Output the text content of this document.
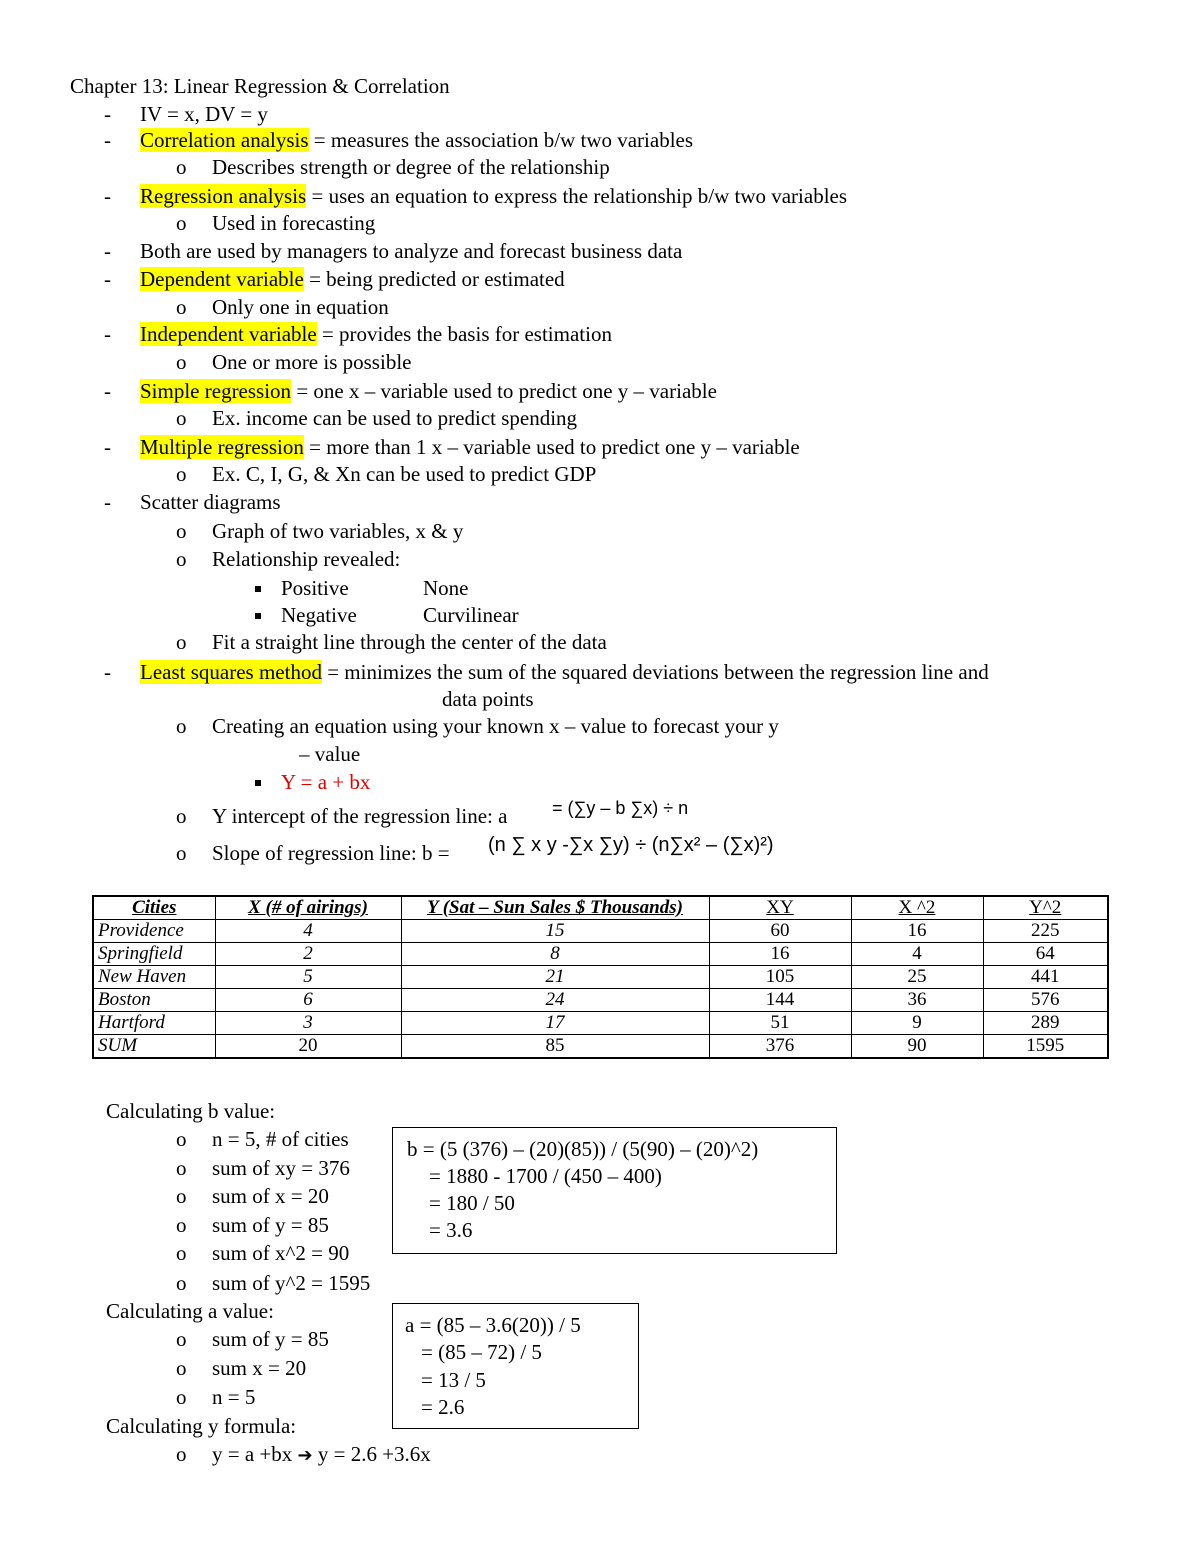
Chapter 13: Linear Regression & Correlation
- IV = x, DV = y
- Correlation analysis = measures the association b/w two variables
o Describes strength or degree of the relationship
- Regression analysis = uses an equation to express the relationship b/w two variables
o Used in forecasting
- Both are used by managers to analyze and forecast business data
- Dependent variable = being predicted or estimated
o Only one in equation
- Independent variable = provides the basis for estimation
o One or more is possible
- Simple regression = one x – variable used to predict one y – variable
o Ex. income can be used to predict spending
- Multiple regression = more than 1 x – variable used to predict one y – variable
o Ex. C, I, G, & Xn can be used to predict GDP
- Scatter diagrams
o Graph of two variables, x & y
o Relationship revealed:
Positive	None
Negative	Curvilinear
o Fit a straight line through the center of the data
- Least squares method = minimizes the sum of the squared deviations between the regression line and
data points
o Creating an equation using your known x – value to forecast your y
– value
Y = a + bx
o Y intercept of the regression line: a = (∑y – b ∑x) ÷ n
o Slope of regression line: b = (n ∑ x y -∑x ∑y) ÷ (n∑x² – (∑x)²)
Cities	X (# of airings)	Y (Sat – Sun Sales $ Thousands)	XY	X ^2	Y^2
Providence	4	15	60	16	225
Springfield	2	8	16	4	64
New Haven	5	21	105	25	441
Boston	6	24	144	36	576
Hartford	3	17	51	9	289
SUM	20	85	376	90	1595
Calculating b value:
o n = 5, # of cities
o sum of xy = 376
o sum of x = 20
o sum of y = 85
o sum of x^2 = 90
o sum of y^2 = 1595
b = (5 (376) – (20)(85)) / (5(90) – (20)^2)
= 1880 - 1700 / (450 – 400)
= 180 / 50
= 3.6
Calculating a value:
o sum of y = 85
o sum x = 20
o n = 5
a = (85 – 3.6(20)) / 5
= (85 – 72) / 5
= 13 / 5
= 2.6
Calculating y formula:
o y = a +bx ➔ y = 2.6 +3.6x
